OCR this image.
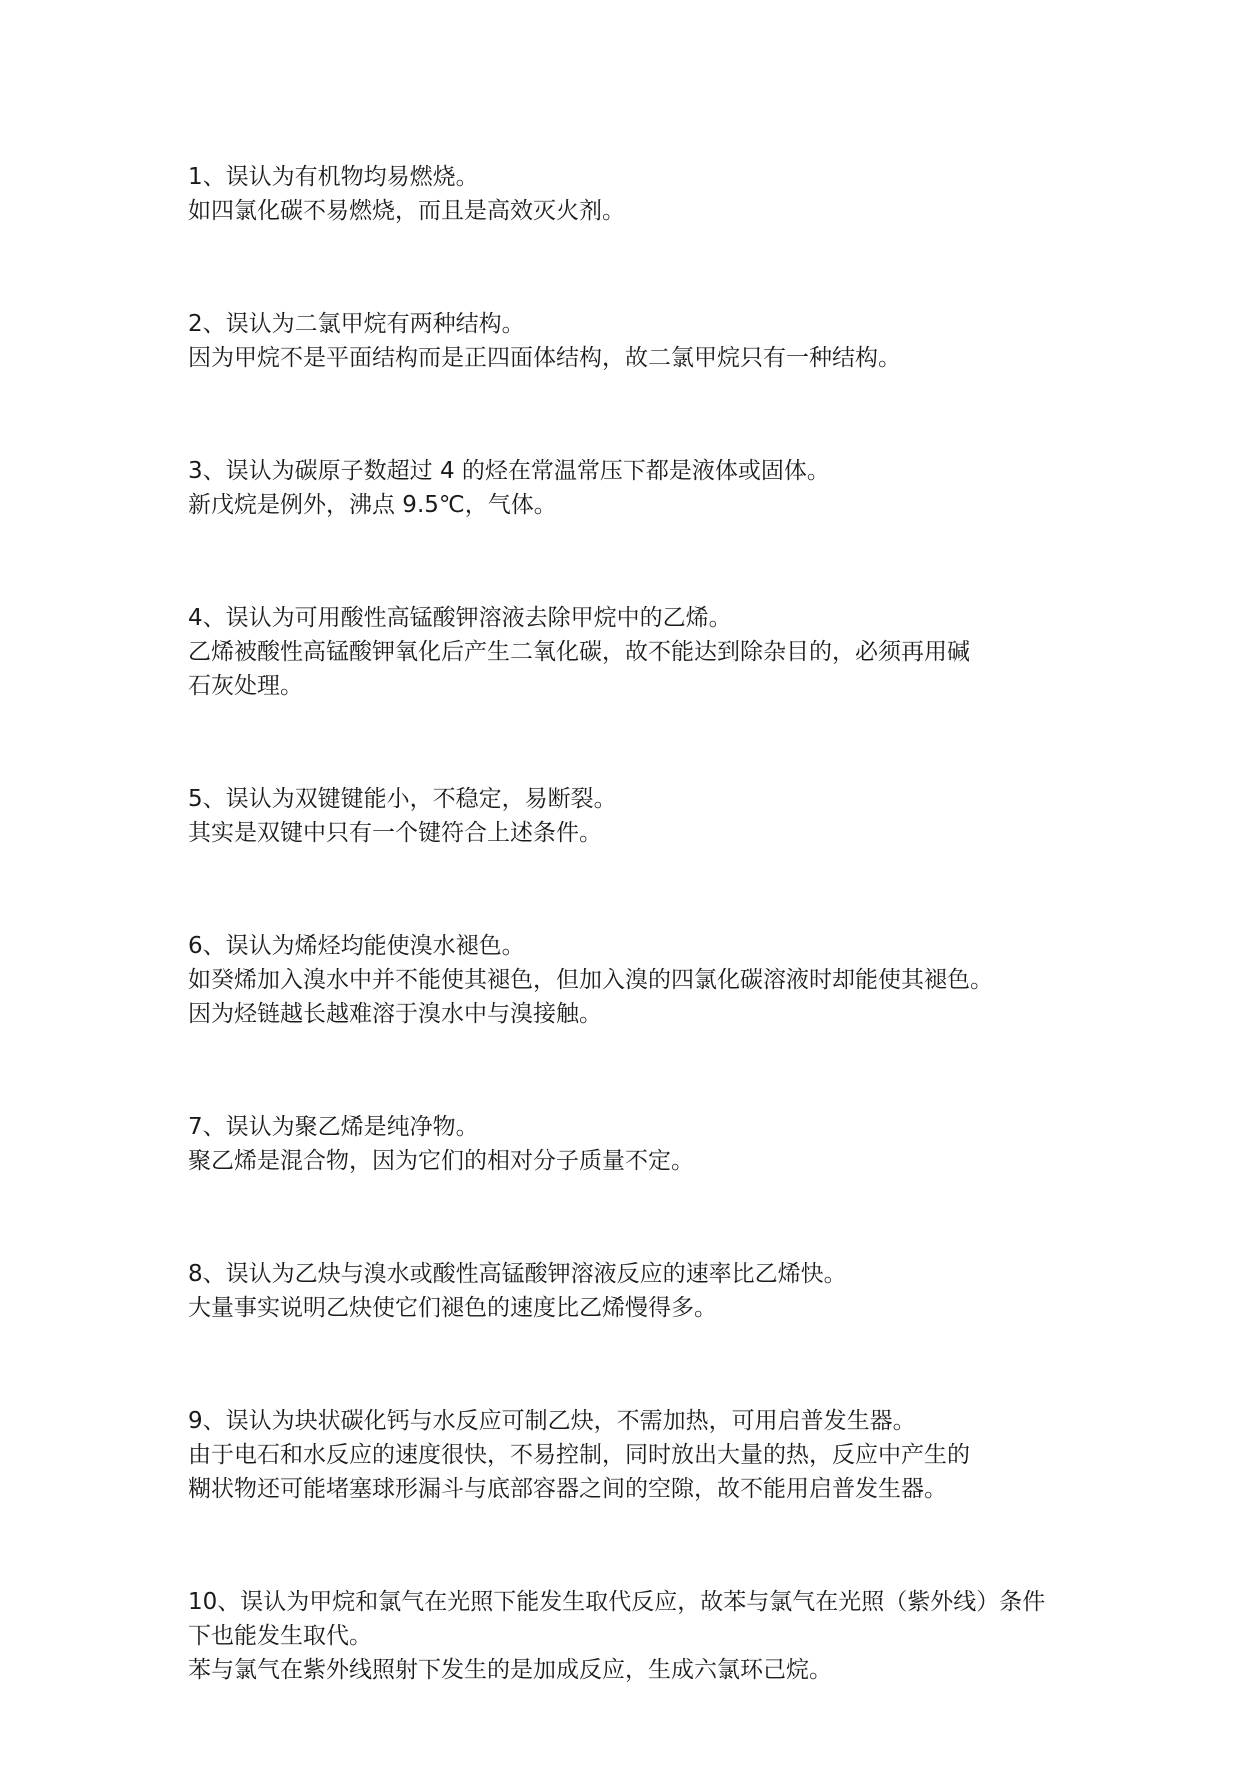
1、误认为有机物均易燃烧。
如四氯化碳不易燃烧，而且是高效灭火剂。
2、误认为二氯甲烷有两种结构。
因为甲烷不是平面结构而是正四面体结构，故二氯甲烷只有一种结构。
3、误认为碳原子数超过 4 的烃在常温常压下都是液体或固体。
新戊烷是例外，沸点 9.5℃，气体。
4、误认为可用酸性高锰酸钾溶液去除甲烷中的乙烯。
乙烯被酸性高锰酸钾氧化后产生二氧化碳，故不能达到除杂目的，必须再用碱
石灰处理。
5、误认为双键键能小，不稳定，易断裂。
其实是双键中只有一个键符合上述条件。
6、误认为烯烃均能使溴水褪色。
如癸烯加入溴水中并不能使其褪色，但加入溴的四氯化碳溶液时却能使其褪色。
因为烃链越长越难溶于溴水中与溴接触。
7、误认为聚乙烯是纯净物。
聚乙烯是混合物，因为它们的相对分子质量不定。
8、误认为乙炔与溴水或酸性高锰酸钾溶液反应的速率比乙烯快。
大量事实说明乙炔使它们褪色的速度比乙烯慢得多。
9、误认为块状碳化钙与水反应可制乙炔，不需加热，可用启普发生器。
由于电石和水反应的速度很快，不易控制，同时放出大量的热，反应中产生的
糊状物还可能堵塞球形漏斗与底部容器之间的空隙，故不能用启普发生器。
10、误认为甲烷和氯气在光照下能发生取代反应，故苯与氯气在光照（紫外线）条件下也能发生取代。
苯与氯气在紫外线照射下发生的是加成反应，生成六氯环己烷。
